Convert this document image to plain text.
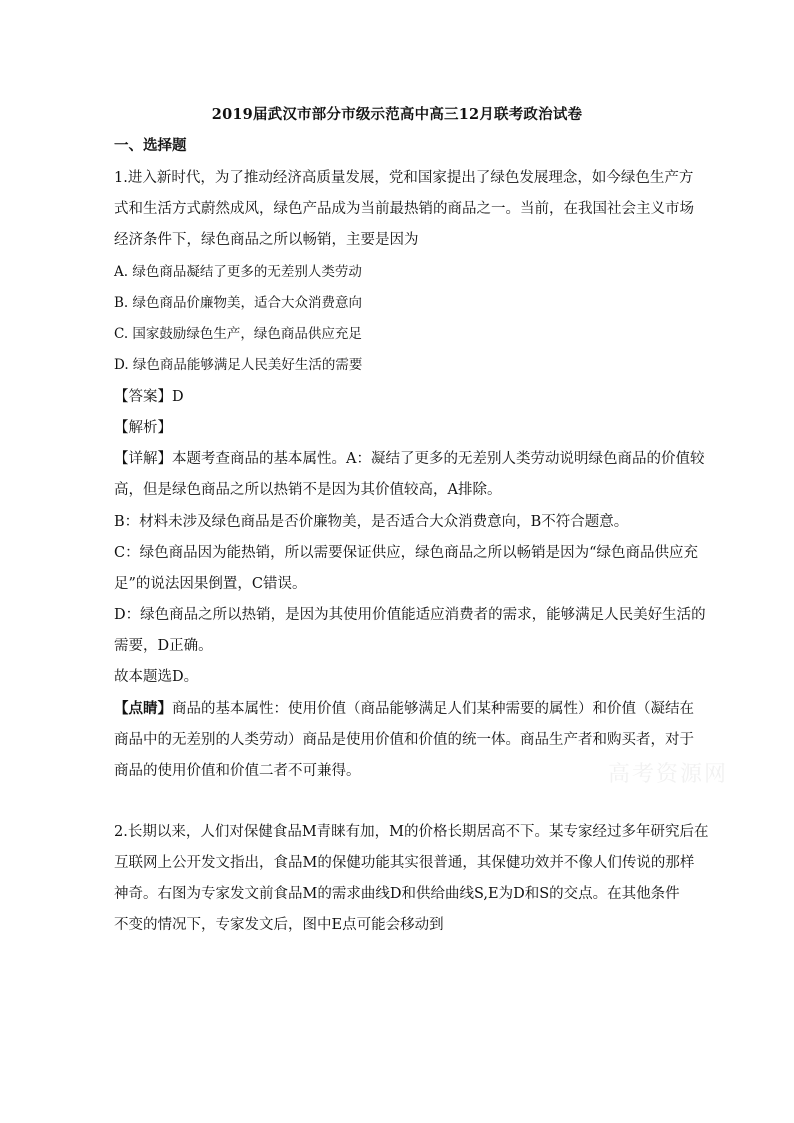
2019届武汉市部分市级示范高中高三12月联考政治试卷
一、选择题
1.进入新时代，为了推动经济高质量发展，党和国家提出了绿色发展理念，如今绿色生产方
式和生活方式蔚然成风，绿色产品成为当前最热销的商品之一。当前，在我国社会主义市场
经济条件下，绿色商品之所以畅销，主要是因为
A. 绿色商品凝结了更多的无差别人类劳动
B. 绿色商品价廉物美，适合大众消费意向
C. 国家鼓励绿色生产，绿色商品供应充足
D. 绿色商品能够满足人民美好生活的需要
【答案】D
【解析】
【详解】本题考查商品的基本属性。A：凝结了更多的无差别人类劳动说明绿色商品的价值较
高，但是绿色商品之所以热销不是因为其价值较高，A排除。
B：材料未涉及绿色商品是否价廉物美，是否适合大众消费意向，B不符合题意。
C：绿色商品因为能热销，所以需要保证供应，绿色商品之所以畅销是因为“绿色商品供应充
足”的说法因果倒置，C错误。
D：绿色商品之所以热销，是因为其使用价值能适应消费者的需求，能够满足人民美好生活的
需要，D正确。
故本题选D。
【点睛】商品的基本属性：使用价值（商品能够满足人们某种需要的属性）和价值（凝结在
商品中的无差别的人类劳动）商品是使用价值和价值的统一体。商品生产者和购买者，对于
商品的使用价值和价值二者不可兼得。	高考资源网
2.长期以来，人们对保健食品M青睐有加，M的价格长期居高不下。某专家经过多年研究后在
互联网上公开发文指出，食品M的保健功能其实很普通，其保健功效并不像人们传说的那样
神奇。右图为专家发文前食品M的需求曲线D和供给曲线S,E为D和S的交点。在其他条件
不变的情况下，专家发文后，图中E点可能会移动到
